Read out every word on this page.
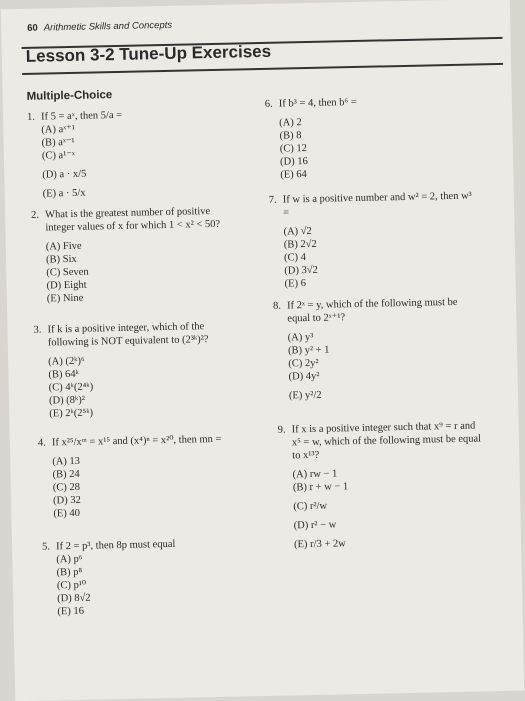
60 Arithmetic Skills and Concepts
Lesson 3-2 Tune-Up Exercises
Multiple-Choice
1. If 5 = aˣ, then 5/a =
(A) aˣ⁺¹
(B) aˣ⁻¹
(C) a¹⁻ˣ
(D) a · x/5
(E) a · 5/x
2. What is the greatest number of positive integer values of x for which 1 < x² < 50?
(A) Five
(B) Six
(C) Seven
(D) Eight
(E) Nine
3. If k is a positive integer, which of the following is NOT equivalent to (2³ᵏ)²?
(A) (2ᵏ)⁶
(B) 64ᵏ
(C) 4ᵏ(2⁴ᵏ)
(D) (8ᵏ)²
(E) 2ᵏ(2⁵ᵏ)
4. If x²⁵/xᵐ = x¹⁵ and (x⁴)ⁿ = x²⁰, then mn =
(A) 13
(B) 24
(C) 28
(D) 32
(E) 40
5. If 2 = p³, then 8p must equal
(A) p⁶
(B) p⁸
(C) p¹⁰
(D) 8√2
(E) 16
6. If b³ = 4, then b⁶ =
(A) 2
(B) 8
(C) 12
(D) 16
(E) 64
7. If w is a positive number and w² = 2, then w³ =
(A) √2
(B) 2√2
(C) 4
(D) 3√2
(E) 6
8. If 2ˣ = y, which of the following must be equal to 2ˣ⁺¹?
(A) y³
(B) y² + 1
(C) 2y²
(D) 4y²
(E) y²/2
9. If x is a positive integer such that x⁹ = r and x⁵ = w, which of the following must be equal to x¹³?
(A) rw − 1
(B) r + w − 1
(C) r²/w
(D) r² − w
(E) r/3 + 2w
